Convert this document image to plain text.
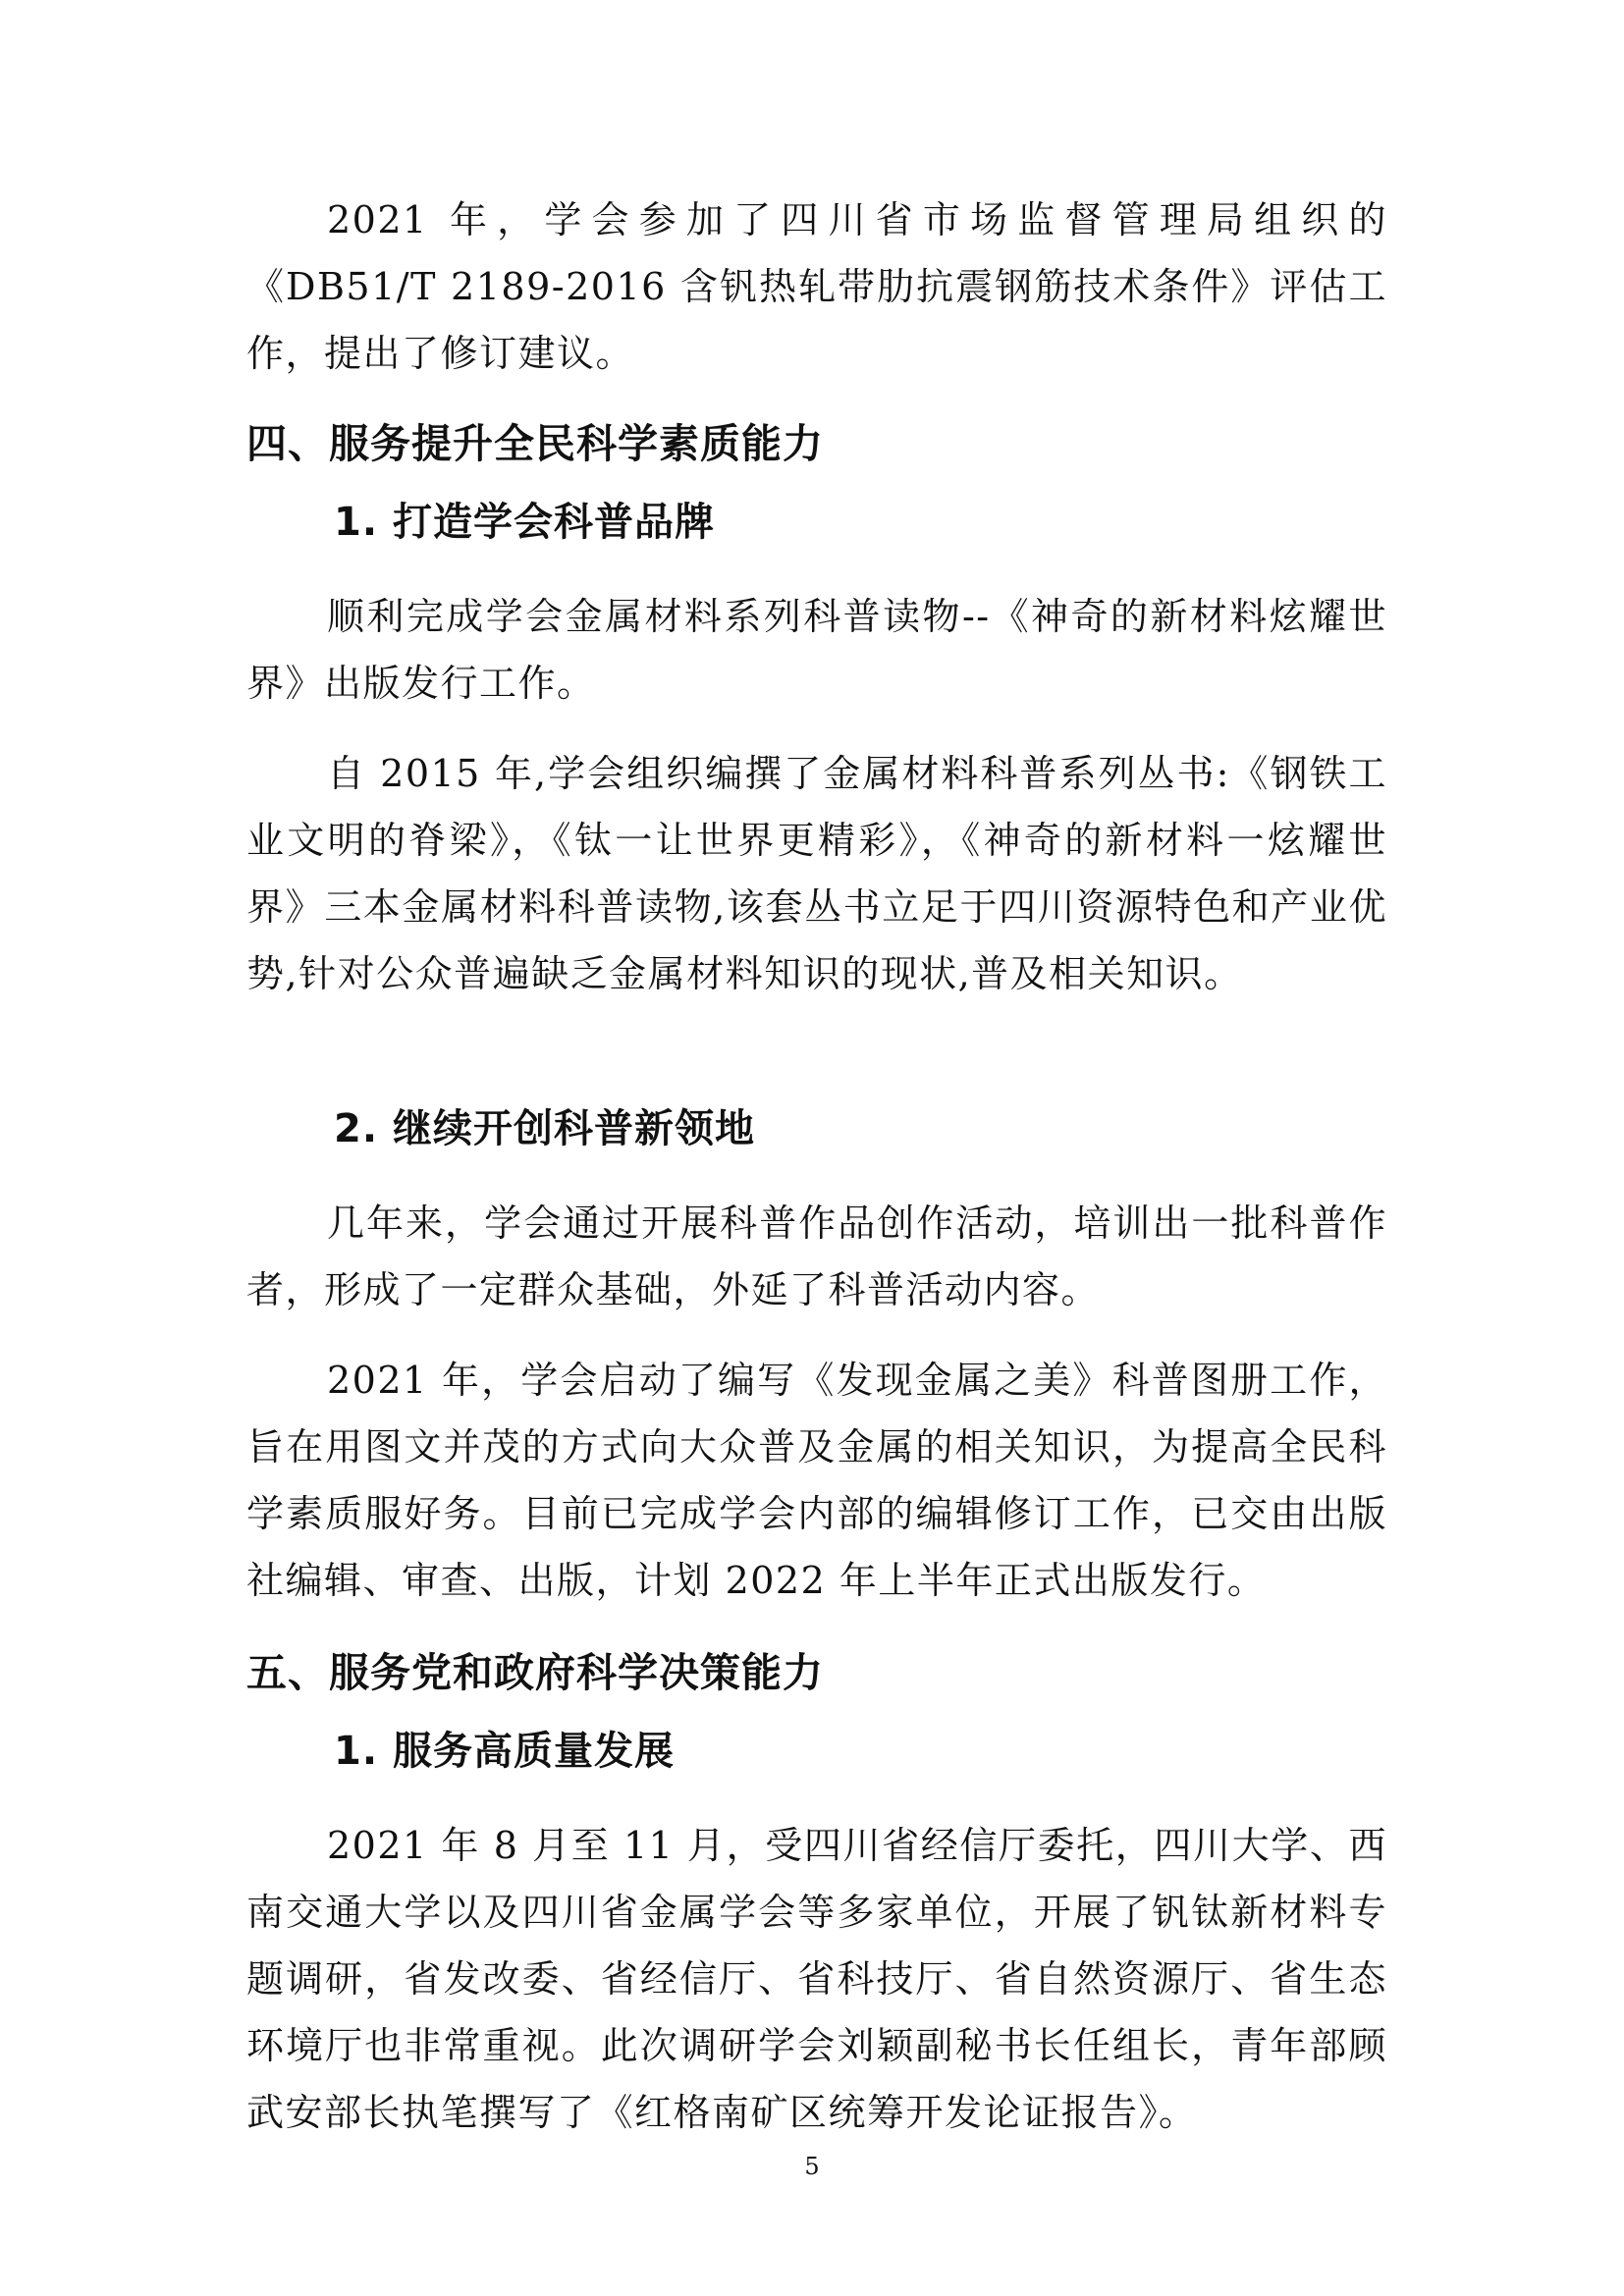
2021 年，学会参加了四川省市场监督管理局组织的《DB51/T 2189-2016 含钒热轧带肋抗震钢筋技术条件》评估工作，提出了修订建议。

四、服务提升全民科学素质能力
1. 打造学会科普品牌

顺利完成学会金属材料系列科普读物--《神奇的新材料炫耀世界》出版发行工作。

自 2015 年,学会组织编撰了金属材料科普系列丛书:《钢铁工业文明的脊梁》，《钛一让世界更精彩》，《神奇的新材料一炫耀世界》三本金属材料科普读物,该套丛书立足于四川资源特色和产业优势,针对公众普遍缺乏金属材料知识的现状,普及相关知识。

2. 继续开创科普新领地

几年来，学会通过开展科普作品创作活动，培训出一批科普作者，形成了一定群众基础，外延了科普活动内容。

2021 年，学会启动了编写《发现金属之美》科普图册工作，旨在用图文并茂的方式向大众普及金属的相关知识，为提高全民科学素质服好务。目前已完成学会内部的编辑修订工作，已交由出版社编辑、审查、出版，计划 2022 年上半年正式出版发行。

五、服务党和政府科学决策能力
1. 服务高质量发展

2021 年 8 月至 11 月，受四川省经信厅委托，四川大学、西南交通大学以及四川省金属学会等多家单位，开展了钒钛新材料专题调研，省发改委、省经信厅、省科技厅、省自然资源厅、省生态环境厅也非常重视。此次调研学会刘颖副秘书长任组长，青年部顾武安部长执笔撰写了《红格南矿区统筹开发论证报告》。

5
